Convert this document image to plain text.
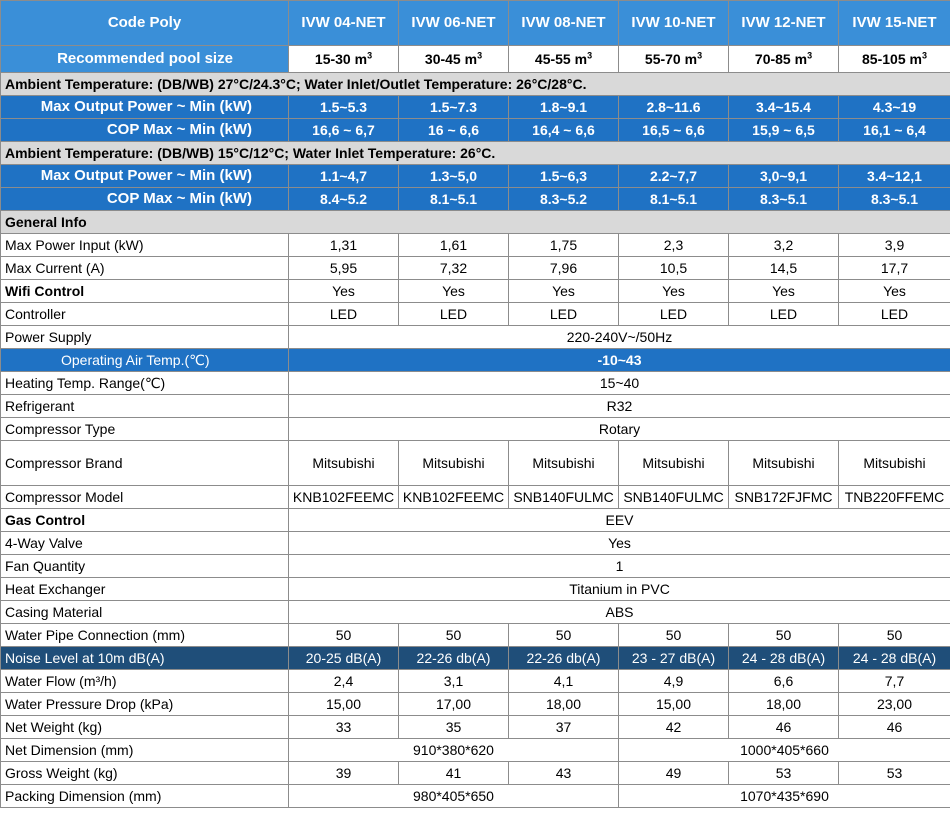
Code Poly	IVW 04-NET	IVW 06-NET	IVW 08-NET	IVW 10-NET	IVW 12-NET	IVW 15-NET
Recommended pool size	15-30 $m^3$	30-45 $m^3$	45-55 $m^3$	55-70 $m^3$	70-85 $m^3$	85-105 $m^3$
Ambient Temperature: (DB/WB) 27°C/24.3°C; Water Inlet/Outlet Temperature: 26°C/28°C.						
Max Output Power ~ Min (kW)	1.5~5.3	1.5~7.3	1.8~9.1	2.8~11.6	3.4~15.4	4.3~19
COP Max ~ Min (kW)	16,6 ~ 6,7	16 ~ 6,6	16,4 ~ 6,6	16,5 ~ 6,6	15,9 ~ 6,5	16,1 ~ 6,4
Ambient Temperature: (DB/WB) 15°C/12°C; Water Inlet Temperature: 26°C.						
Max Output Power ~ Min (kW)	1.1~4,7	1.3~5,0	1.5~6,3	2.2~7,7	3,0~9,1	3.4~12,1
COP Max ~ Min (kW)	8.4~5.2	8.1~5.1	8.3~5.2	8.1~5.1	8.3~5.1	8.3~5.1
General Info						
Max Power Input (kW)	1,31	1,61	1,75	2,3	3,2	3,9
Max Current (A)	5,95	7,32	7,96	10,5	14,5	17,7
Wifi Control	Yes	Yes	Yes	Yes	Yes	Yes
Controller	LED	LED	LED	LED	LED	LED
Power Supply	220-240V~/50Hz					
Operating Air Temp.(℃)	-10~43					
Heating Temp. Range(℃)	15~40					
Refrigerant	R32					
Compressor Type	Rotary					
Compressor Brand	Mitsubishi	Mitsubishi	Mitsubishi	Mitsubishi	Mitsubishi	Mitsubishi
Compressor Model	KNB102FEEMC	KNB102FEEMC	SNB140FULMC	SNB140FULMC	SNB172FJFMC	TNB220FFEMC
Gas Control	EEV					
4-Way Valve	Yes					
Fan Quantity	1					
Heat Exchanger	Titanium in PVC					
Casing Material	ABS					
Water Pipe Connection (mm)	50	50	50	50	50	50
Noise Level at 10m dB(A)	20-25 dB(A)	22-26 db(A)	22-26 db(A)	23 - 27 dB(A)	24 - 28 dB(A)	24 - 28 dB(A)
Water Flow (m³/h)	2,4	3,1	4,1	4,9	6,6	7,7
Water Pressure Drop (kPa)	15,00	17,00	18,00	15,00	18,00	23,00
Net Weight (kg)	33	35	37	42	46	46
Net Dimension (mm)	910*380*620			1000*405*660		
Gross Weight (kg)	39	41	43	49	53	53
Packing Dimension (mm)	980*405*650			1070*435*690		
